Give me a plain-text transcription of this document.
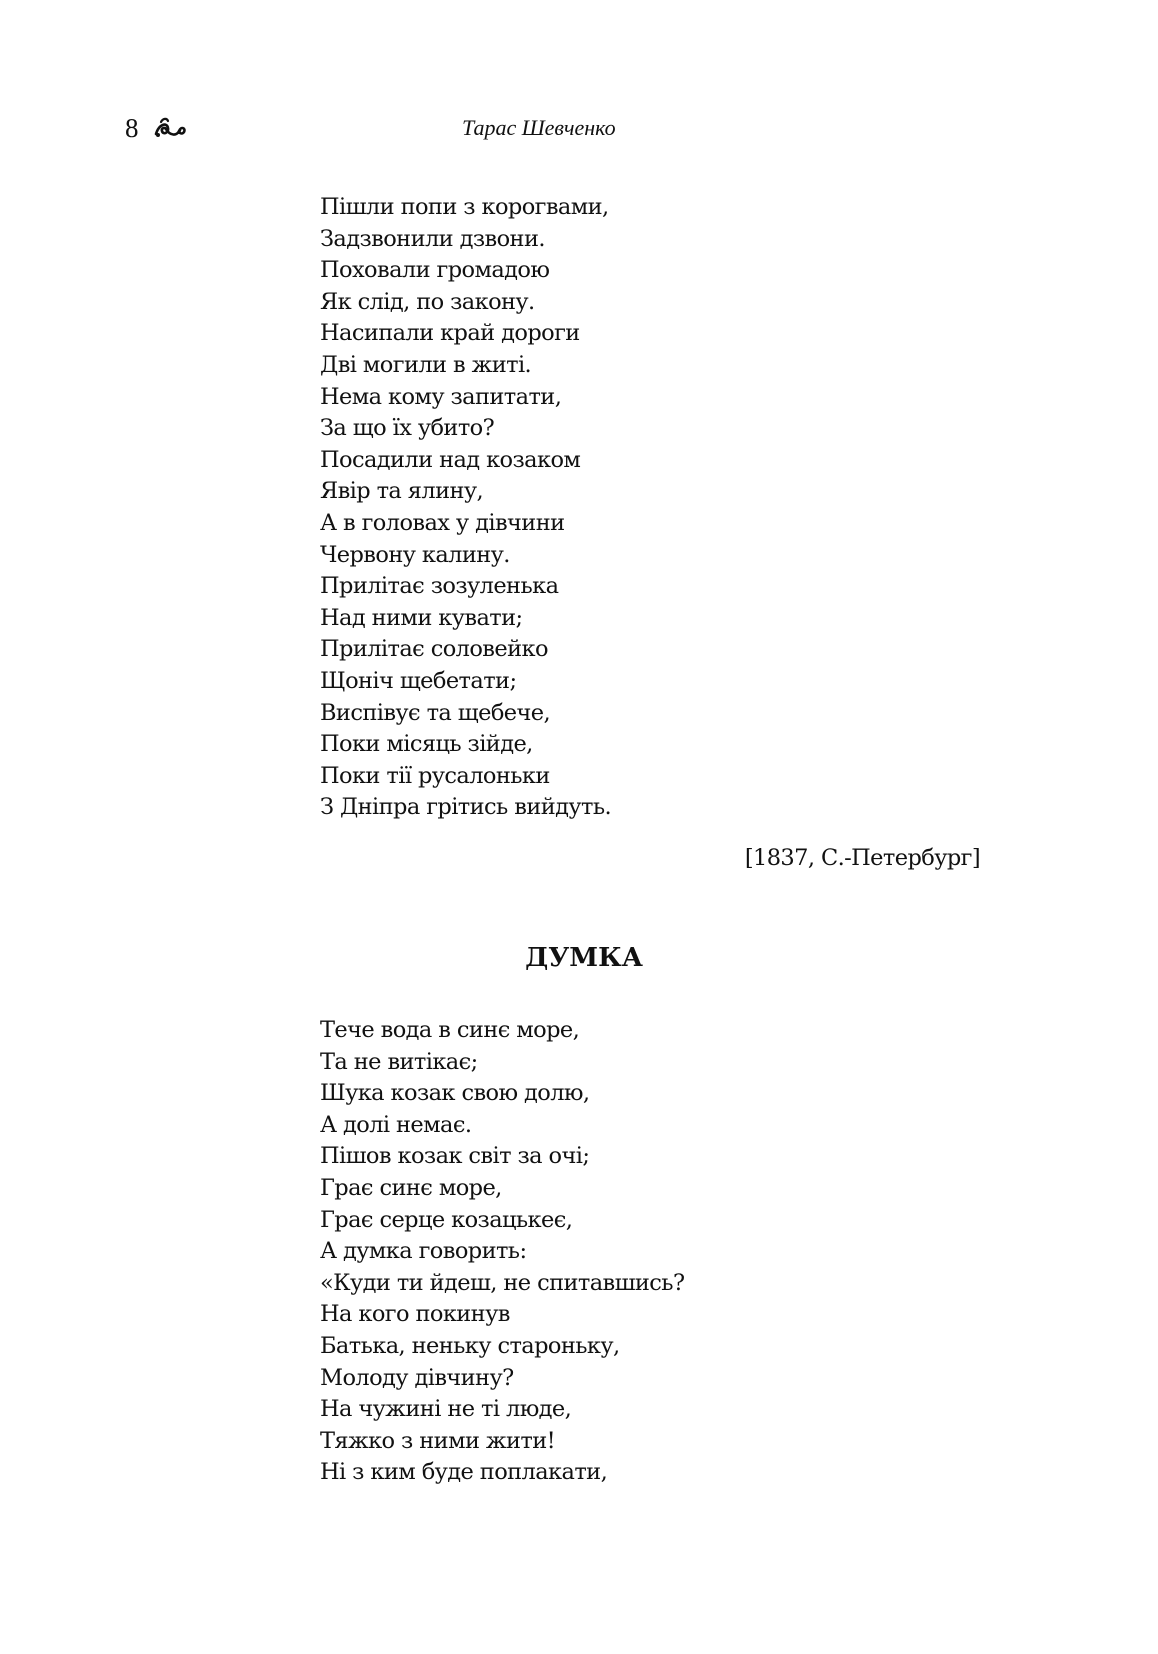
8	Тарас Шевченко
Пішли попи з корогвами,
Задзвонили дзвони.
Поховали громадою
Як слід, по закону.
Насипали край дороги
Дві могили в житі.
Нема кому запитати,
За що їх убито?
Посадили над козаком
Явір та ялину,
А в головах у дівчини
Червону калину.
Прилітає зозуленька
Над ними кувати;
Прилітає соловейко
Щоніч щебетати;
Виспівує та щебече,
Поки місяць зійде,
Поки тії русалоньки
З Дніпра грітись вийдуть.
[1837, С.-Петербург]
ДУМКА
Тече вода в синє море,
Та не витікає;
Шука козак свою долю,
А долі немає.
Пішов козак світ за очі;
Грає синє море,
Грає серце козацькеє,
А думка говорить:
«Куди ти йдеш, не спитавшись?
На кого покинув
Батька, неньку староньку,
Молоду дівчину?
На чужині не ті люде,
Тяжко з ними жити!
Ні з ким буде поплакати,
